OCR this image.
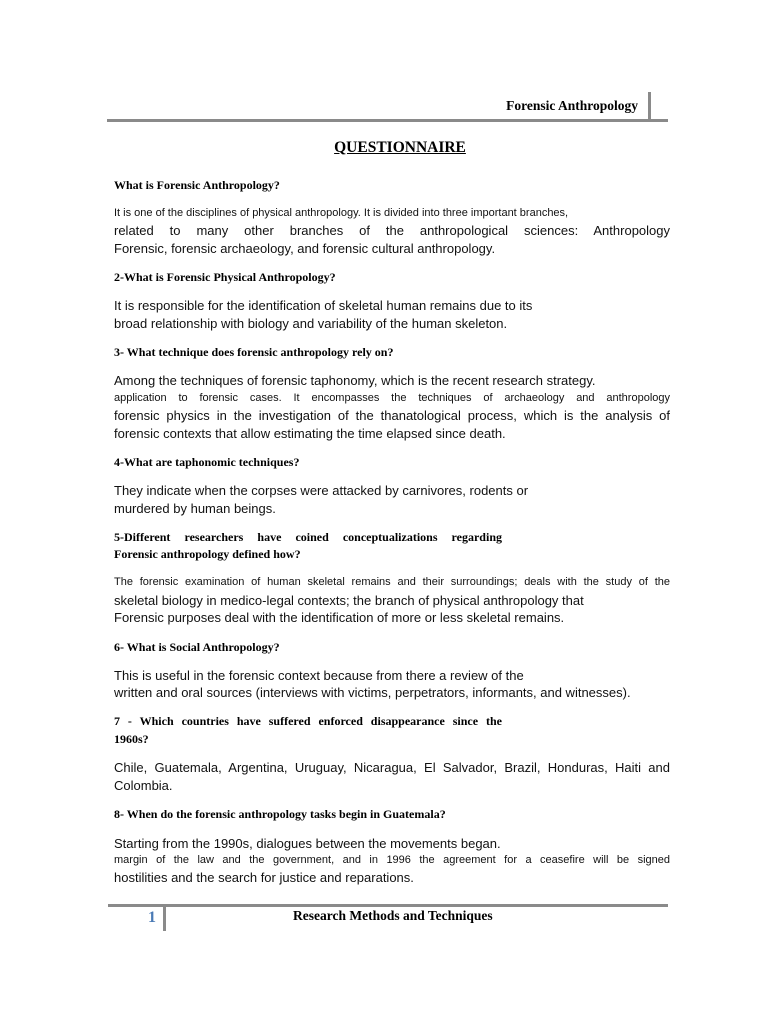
Forensic Anthropology
QUESTIONNAIRE
What is Forensic Anthropology?
It is one of the disciplines of physical anthropology. It is divided into three important branches,
related to many other branches of the anthropological sciences: Anthropology
Forensic, forensic archaeology, and forensic cultural anthropology.
2-What is Forensic Physical Anthropology?
It is responsible for the identification of skeletal human remains due to its
broad relationship with biology and variability of the human skeleton.
3- What technique does forensic anthropology rely on?
Among the techniques of forensic taphonomy, which is the recent research strategy.
application to forensic cases. It encompasses the techniques of archaeology and anthropology
forensic physics in the investigation of the thanatological process, which is the analysis of
forensic contexts that allow estimating the time elapsed since death.
4-What are taphonomic techniques?
They indicate when the corpses were attacked by carnivores, rodents or
murdered by human beings.
5-Different researchers have coined conceptualizations regarding
Forensic anthropology defined how?
The forensic examination of human skeletal remains and their surroundings; deals with the study of the
skeletal biology in medico-legal contexts; the branch of physical anthropology that
Forensic purposes deal with the identification of more or less skeletal remains.
6- What is Social Anthropology?
This is useful in the forensic context because from there a review of the
written and oral sources (interviews with victims, perpetrators, informants, and witnesses).
7 - Which countries have suffered enforced disappearance since the
1960s?
Chile, Guatemala, Argentina, Uruguay, Nicaragua, El Salvador, Brazil, Honduras, Haiti and
Colombia.
8- When do the forensic anthropology tasks begin in Guatemala?
Starting from the 1990s, dialogues between the movements began.
margin of the law and the government, and in 1996 the agreement for a ceasefire will be signed
hostilities and the search for justice and reparations.
1	Research Methods and Techniques
